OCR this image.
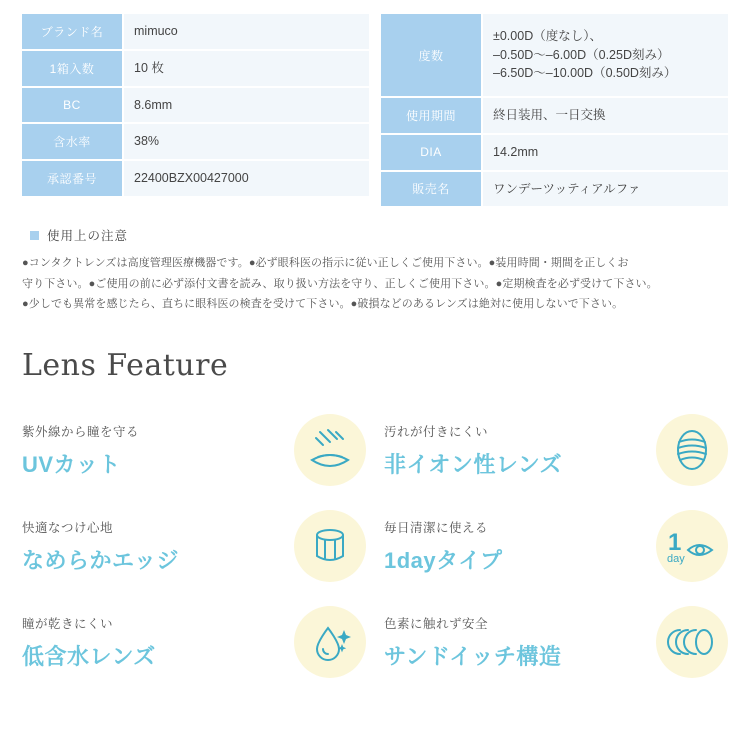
ブランド名	mimuco

1箱入数	10 枚

BC	8.6mm

含水率	38%

承認番号	22400BZX00427000
度数	±0.00D（度なし）、
–0.50D〜–6.00D（0.25D刻み）
–6.50D〜–10.00D（0.50D刻み）

使用期間	終日装用、一日交換

DIA	14.2mm

販売名	ワンデーツッティアルファ
使用上の注意

●コンタクトレンズは高度管理医療機器です。●必ず眼科医の指示に従い正しくご使用下さい。●装用時間・期間を正しくお

守り下さい。●ご使用の前に必ず添付文書を読み、取り扱い方法を守り、正しくご使用下さい。●定期検査を必ず受けて下さい。

●少しでも異常を感じたら、直ちに眼科医の検査を受けて下さい。●破損などのあるレンズは絶対に使用しないで下さい。

Lens Feature
紫外線から瞳を守る
UVカット
汚れが付きにくい
非イオン性レンズ
快適なつけ心地
なめらかエッジ
毎日清潔に使える
1dayタイプ
1
day
瞳が乾きにくい
低含水レンズ
色素に触れず安全
サンドイッチ構造
